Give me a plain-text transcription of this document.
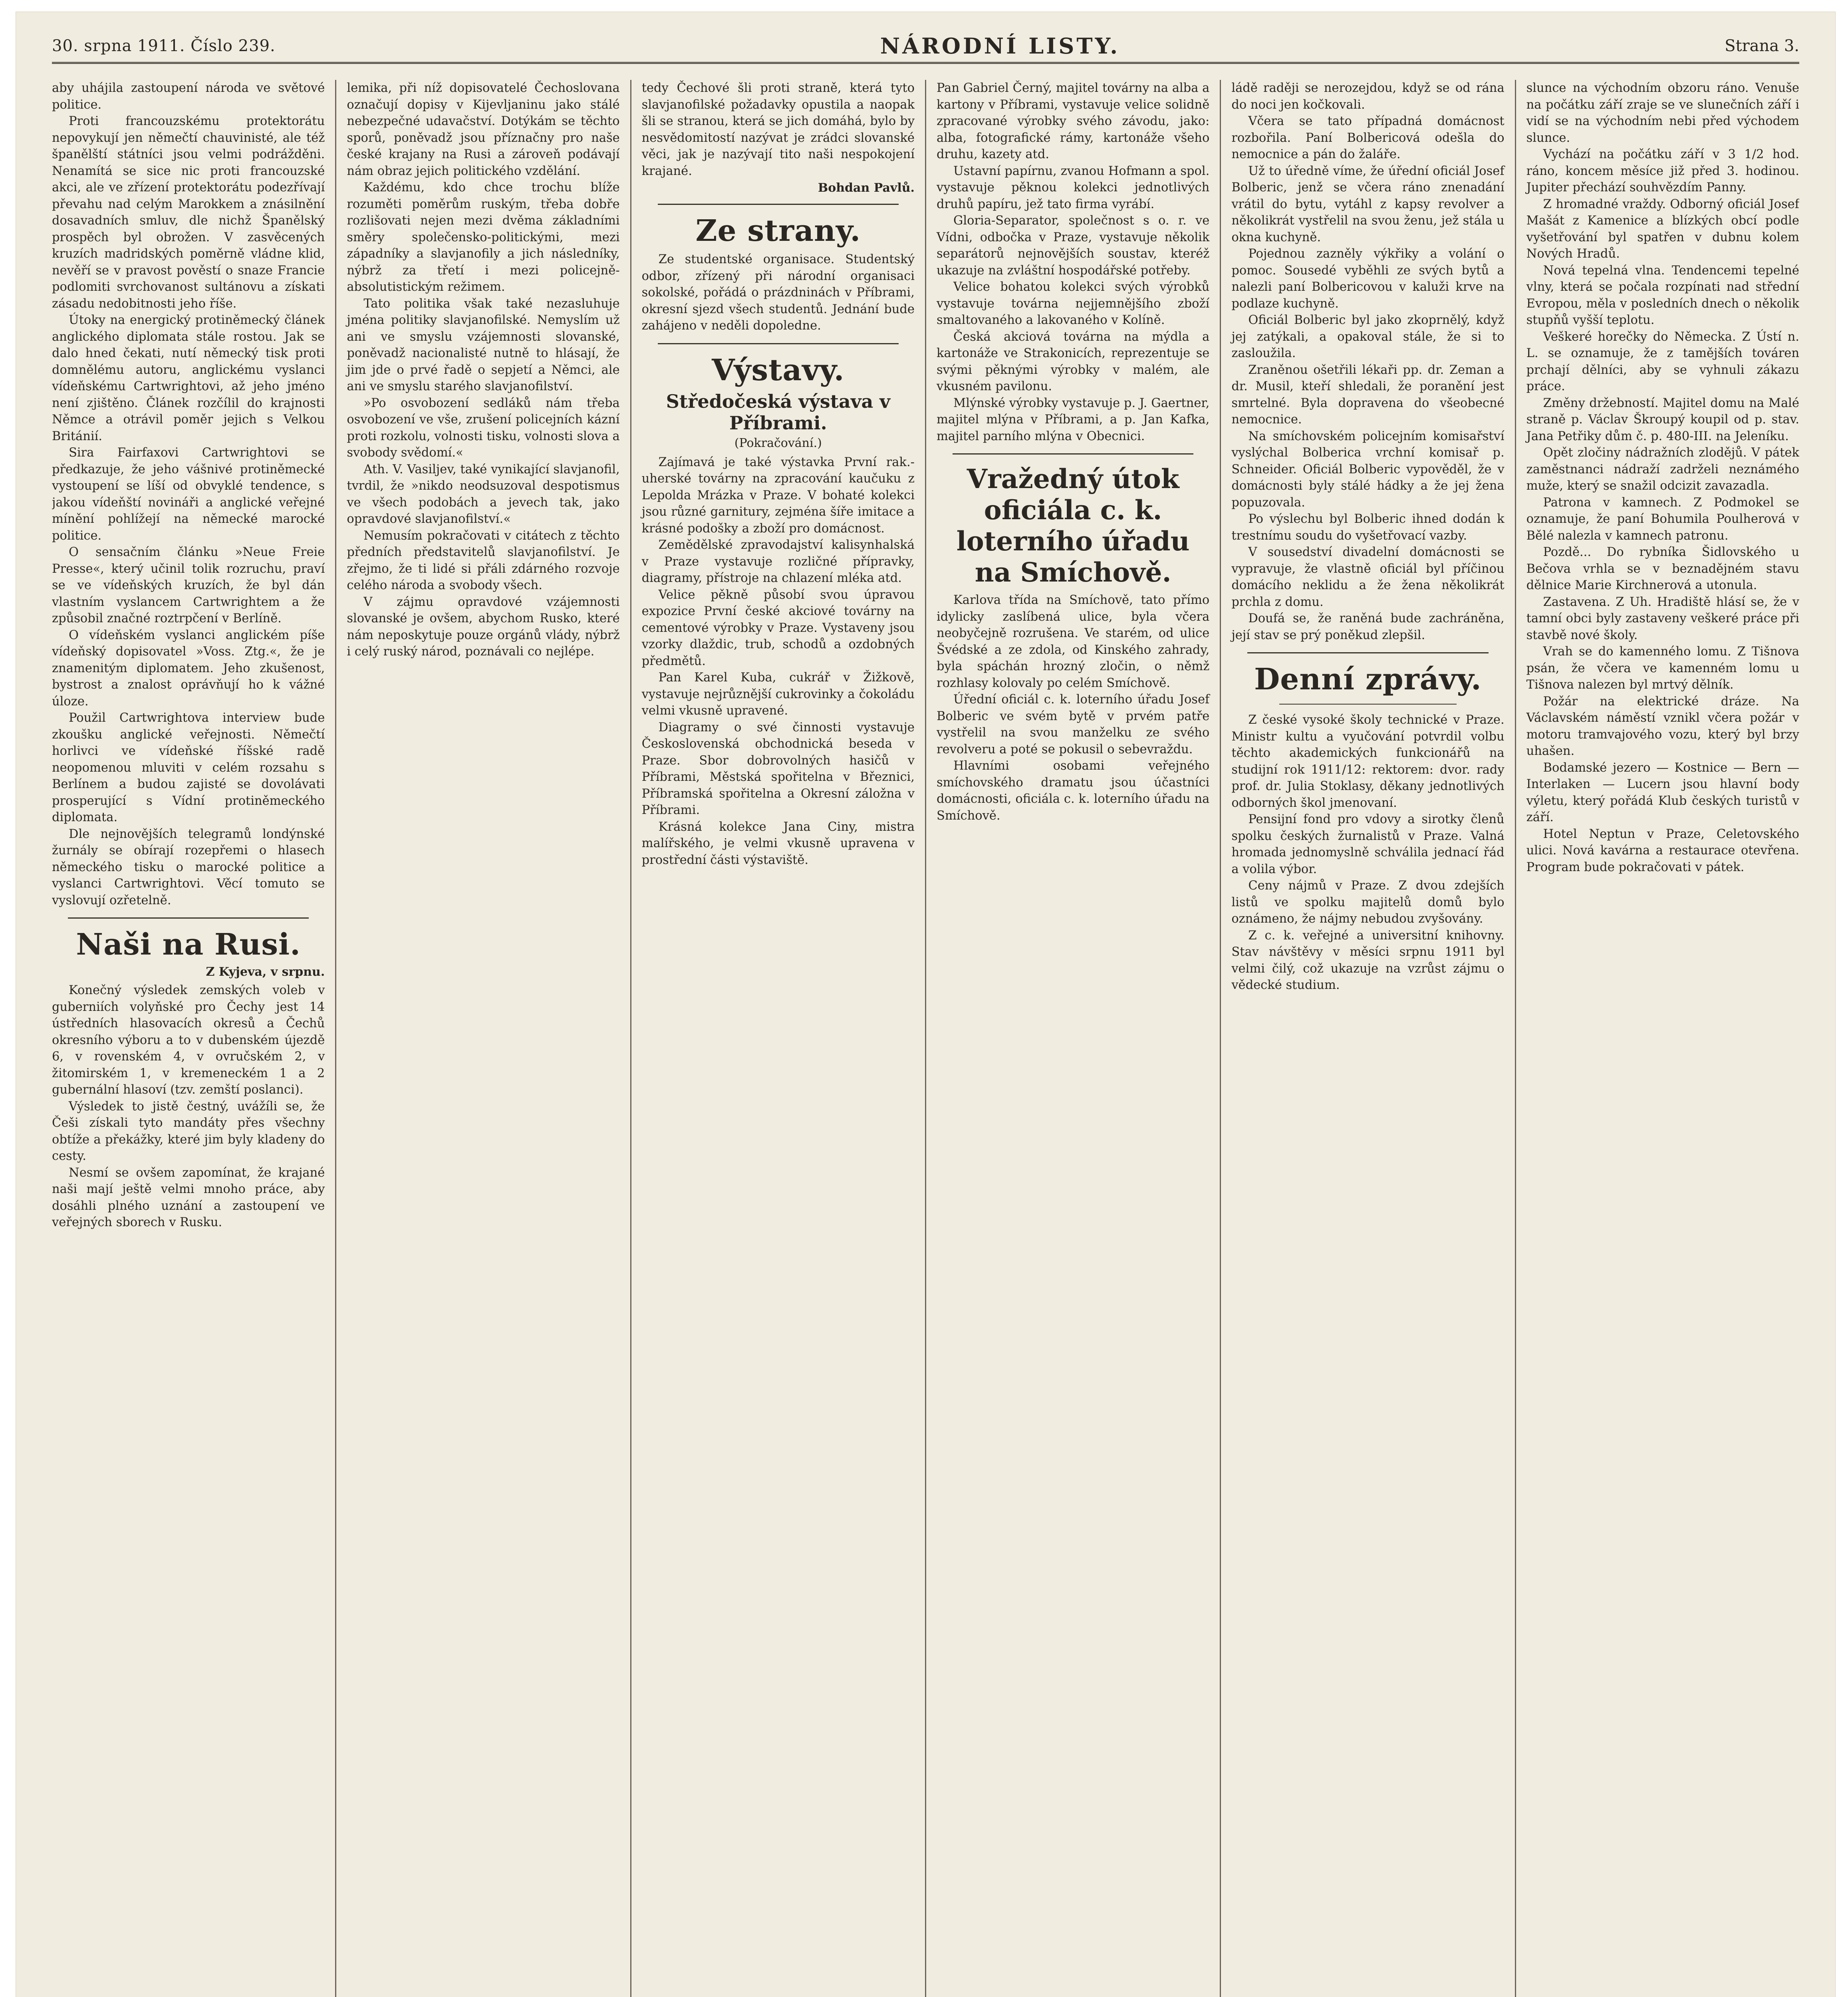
30. srpna 1911. Číslo 239.	NÁRODNÍ LISTY.	Strana 3.

aby uhájila zastoupení národa ve světové politice.

Proti francouzskému protektorátu nepovykují jen němečtí chauvinisté, ale též španělští státníci jsou velmi podrážděni. Nenamítá se sice nic proti francouzské akci, ale ve zřízení protektorátu podezřívají převahu nad celým Marokkem a znásilnění dosavadních smluv, dle nichž Španělský prospěch byl obrožen. V zasvěcených kruzích madridských poměrně vládne klid, nevěří se v pravost pověstí o snaze Francie podlomiti svrchovanost sultánovu a získati zásadu nedobitnosti jeho říše.

Útoky na energický protiněmecký článek anglického diplomata stále rostou. Jak se dalo hned čekati, nutí německý tisk proti domnělému autoru, anglickému vyslanci vídeňskému Cartwrightovi, až jeho jméno není zjištěno. Článek rozčílil do krajnosti Němce a otrávil poměr jejich s Velkou Británií.

Sira Fairfaxovi Cartwrightovi se předkazuje, že jeho vášnivé protiněmecké vystoupení se líší od obvyklé tendence, s jakou vídeňští novináři a anglické veřejné mínění pohlížejí na německé marocké politice.

O sensačním článku »Neue Freie Presse«, který učinil tolik rozruchu, praví se ve vídeňských kruzích, že byl dán vlastním vyslancem Cartwrightem a že způsobil značné roztrpčení v Berlíně.

O vídeňském vyslanci anglickém píše vídeňský dopisovatel »Voss. Ztg.«, že je znamenitým diplomatem. Jeho zkušenost, bystrost a znalost oprávňují ho k vážné úloze.

Použil Cartwrightova interview bude zkoušku anglické veřejnosti. Němečtí horlivci ve vídeňské říšské radě neopomenou mluviti v celém rozsahu s Berlínem a budou zajisté se dovolávati prosperující s Vídní protiněmeckého diplomata.

Dle nejnovějších telegramů londýnské žurnály se obírají rozepřemi o hlasech německého tisku o marocké politice a vyslanci Cartwrightovi. Věcí tomuto se vyslovují ozřetelně.

Naši na Rusi.
Z Kyjeva, v srpnu.

Konečný výsledek zemských voleb v guberniích volyňské pro Čechy jest 14 ústředních hlasovacích okresů a Čechů okresního výboru a to v dubenském újezdě 6, v rovenském 4, v ovručském 2, v žitomirském 1, v kremeneckém 1 a 2 gubernální hlasoví (tzv. zemští poslanci).

Výsledek to jistě čestný, uvážíli se, že Češi získali tyto mandáty přes všechny obtíže a překážky, které jim byly kladeny do cesty.

Nesmí se ovšem zapomínat, že krajané naši mají ještě velmi mnoho práce, aby dosáhli plného uznání a zastoupení ve veřejných sborech v Rusku.

lemika, při níž dopisovatelé Čechoslovana označují dopisy v Kijevljaninu jako stálé nebezpečné udavačství. Dotýkám se těchto sporů, poněvadž jsou příznačny pro naše české krajany na Rusi a zároveň podávají nám obraz jejich politického vzdělání.

Každému, kdo chce trochu blíže rozuměti poměrům ruským, třeba dobře rozlišovati nejen mezi dvěma základními směry společensko-politickými, mezi západníky a slavjanofily a jich následníky, nýbrž za třetí i mezi policejně-absolutistickým režimem.

Tato politika však také nezasluhuje jména politiky slavjanofilské. Nemyslím už ani ve smyslu vzájemnosti slovanské, poněvadž nacionalisté nutně to hlásají, že jim jde o prvé řadě o sepjetí a Němci, ale ani ve smyslu starého slavjanofilství.

»Po osvobození sedláků nám třeba osvobození ve vše, zrušení policejních kázní proti rozkolu, volnosti tisku, volnosti slova a svobody svědomí.«

Ath. V. Vasiljev, také vynikající slavjanofil, tvrdil, že »nikdo neodsuzoval despotismus ve všech podobách a jevech tak, jako opravdové slavjanofilství.«

Nemusím pokračovati v citátech z těchto předních představitelů slavjanofilství. Je zřejmo, že ti lidé si přáli zdárného rozvoje celého národa a svobody všech.

V zájmu opravdové vzájemnosti slovanské je ovšem, abychom Rusko, které nám neposkytuje pouze orgánů vlády, nýbrž i celý ruský národ, poznávali co nejlépe.

tedy Čechové šli proti straně, která tyto slavjanofilské požadavky opustila a naopak šli se stranou, která se jich domáhá, bylo by nesvědomitostí nazývat je zrádci slovanské věci, jak je nazývají tito naši nespokojení krajané.

Bohdan Pavlů.
Ze strany.

Ze studentské organisace. Studentský odbor, zřízený při národní organisaci sokolské, pořádá o prázdninách v Příbrami, okresní sjezd všech studentů. Jednání bude zahájeno v neděli dopoledne.

Výstavy.
Středočeská výstava v Příbrami.
(Pokračování.)

Zajímavá je také výstavka První rak.-uherské továrny na zpracování kaučuku z Lepolda Mrázka v Praze. V bohaté kolekci jsou různé garnitury, zejména šíře imitace a krásné podošky a zboží pro domácnost.

Zemědělské zpravodajství kalisynhalská v Praze vystavuje rozličné přípravky, diagramy, přístroje na chlazení mléka atd.

Velice pěkně působí svou úpravou expozice První české akciové továrny na cementové výrobky v Praze. Vystaveny jsou vzorky dlaždic, trub, schodů a ozdobných předmětů.

Pan Karel Kuba, cukrář v Žižkově, vystavuje nejrůznější cukrovinky a čokoládu velmi vkusně upravené.

Diagramy o své činnosti vystavuje Československá obchodnická beseda v Praze. Sbor dobrovolných hasičů v Příbrami, Městská spořitelna v Březnici, Příbramská spořitelna a Okresní záložna v Příbrami.

Krásná kolekce Jana Ciny, mistra malířského, je velmi vkusně upravena v prostřední části výstaviště.

Pan Gabriel Černý, majitel továrny na alba a kartony v Příbrami, vystavuje velice solidně zpracované výrobky svého závodu, jako: alba, fotografické rámy, kartonáže všeho druhu, kazety atd.

Ustavní papírnu, zvanou Hofmann a spol. vystavuje pěknou kolekci jednotlivých druhů papíru, jež tato firma vyrábí.

Gloria-Separator, společnost s o. r. ve Vídni, odbočka v Praze, vystavuje několik separátorů nejnovějších soustav, kteréž ukazuje na zvláštní hospodářské potřeby.

Velice bohatou kolekci svých výrobků vystavuje továrna nejjemnějšího zboží smaltovaného a lakovaného v Kolíně.

Česká akciová továrna na mýdla a kartonáže ve Strakonicích, reprezentuje se svými pěknými výrobky v malém, ale vkusném pavilonu.

Mlýnské výrobky vystavuje p. J. Gaertner, majitel mlýna v Příbrami, a p. Jan Kafka, majitel parního mlýna v Obecnici.

Vražedný útok oficiála c. k. loterního úřadu na Smíchově.

Karlova třída na Smíchově, tato přímo idylicky zaslíbená ulice, byla včera neobyčejně rozrušena. Ve starém, od ulice Švédské a ze zdola, od Kinského zahrady, byla spáchán hrozný zločin, o němž rozhlasy kolovaly po celém Smíchově.

Úřední oficiál c. k. loterního úřadu Josef Bolberic ve svém bytě v prvém patře vystřelil na svou manželku ze svého revolveru a poté se pokusil o sebevraždu.

Hlavními osobami veřejného smíchovského dramatu jsou účastníci domácnosti, oficiála c. k. loterního úřadu na Smíchově.

ládě raději se nerozejdou, když se od rána do noci jen kočkovali.

Včera se tato případná domácnost rozbořila. Paní Bolbericová odešla do nemocnice a pán do žaláře.

Už to úředně víme, že úřední oficiál Josef Bolberic, jenž se včera ráno znenadání vrátil do bytu, vytáhl z kapsy revolver a několikrát vystřelil na svou ženu, jež stála u okna kuchyně.

Pojednou zazněly výkřiky a volání o pomoc. Sousedé vyběhli ze svých bytů a nalezli paní Bolbericovou v kaluži krve na podlaze kuchyně.

Oficiál Bolberic byl jako zkoprnělý, když jej zatýkali, a opakoval stále, že si to zasloužila.

Zraněnou ošetřili lékaři pp. dr. Zeman a dr. Musil, kteří shledali, že poranění jest smrtelné. Byla dopravena do všeobecné nemocnice.

Na smíchovském policejním komisařství vyslýchal Bolberica vrchní komisař p. Schneider. Oficiál Bolberic vypověděl, že v domácnosti byly stálé hádky a že jej žena popuzovala.

Po výslechu byl Bolberic ihned dodán k trestnímu soudu do vyšetřovací vazby.

V sousedství divadelní domácnosti se vypravuje, že vlastně oficiál byl příčinou domácího neklidu a že žena několikrát prchla z domu.

Doufá se, že raněná bude zachráněna, její stav se prý poněkud zlepšil.

Denní zprávy.

Z české vysoké školy technické v Praze. Ministr kultu a vyučování potvrdil volbu těchto akademických funkcionářů na studijní rok 1911/12: rektorem: dvor. rady prof. dr. Julia Stoklasy, děkany jednotlivých odborných škol jmenovaní.

Pensijní fond pro vdovy a sirotky členů spolku českých žurnalistů v Praze. Valná hromada jednomyslně schválila jednací řád a volila výbor.

Ceny nájmů v Praze. Z dvou zdejších listů ve spolku majitelů domů bylo oznámeno, že nájmy nebudou zvyšovány.

Z c. k. veřejné a universitní knihovny. Stav návštěvy v měsíci srpnu 1911 byl velmi čilý, což ukazuje na vzrůst zájmu o vědecké studium.

slunce na východním obzoru ráno. Venuše na počátku září zraje se ve slunečních září i vidí se na východním nebi před východem slunce.

Vychází na počátku září v 3 1/2 hod. ráno, koncem měsíce již před 3. hodinou. Jupiter přechází souhvězdím Panny.

Z hromadné vraždy. Odborný oficiál Josef Mašát z Kamenice a blízkých obcí podle vyšetřování byl spatřen v dubnu kolem Nových Hradů.

Nová tepelná vlna. Tendencemi tepelné vlny, která se počala rozpínati nad střední Evropou, měla v posledních dnech o několik stupňů vyšší teplotu.

Veškeré horečky do Německa. Z Ústí n. L. se oznamuje, že z tamějších továren prchají dělníci, aby se vyhnuli zákazu práce.

Změny držebností. Majitel domu na Malé straně p. Václav Škroupý koupil od p. stav. Jana Petřiky dům č. p. 480-III. na Jeleníku.

Opět zločiny nádražních zlodějů. V pátek zaměstnanci nádraží zadrželi neznámého muže, který se snažil odcizit zavazadla.

Patrona v kamnech. Z Podmokel se oznamuje, že paní Bohumila Poulherová v Bělé nalezla v kamnech patronu.

Pozdě... Do rybníka Šidlovského u Bečova vrhla se v beznadějném stavu dělnice Marie Kirchnerová a utonula.

Zastavena. Z Uh. Hradiště hlásí se, že v tamní obci byly zastaveny veškeré práce při stavbě nové školy.

Vrah se do kamenného lomu. Z Tišnova psán, že včera ve kamenném lomu u Tišnova nalezen byl mrtvý dělník.

Požár na elektrické dráze. Na Václavském náměstí vznikl včera požár v motoru tramvajového vozu, který byl brzy uhašen.

Bodamské jezero — Kostnice — Bern — Interlaken — Lucern jsou hlavní body výletu, který pořádá Klub českých turistů v září.

Hotel Neptun v Praze, Celetovského ulici. Nová kavárna a restaurace otevřena. Program bude pokračovati v pátek.
